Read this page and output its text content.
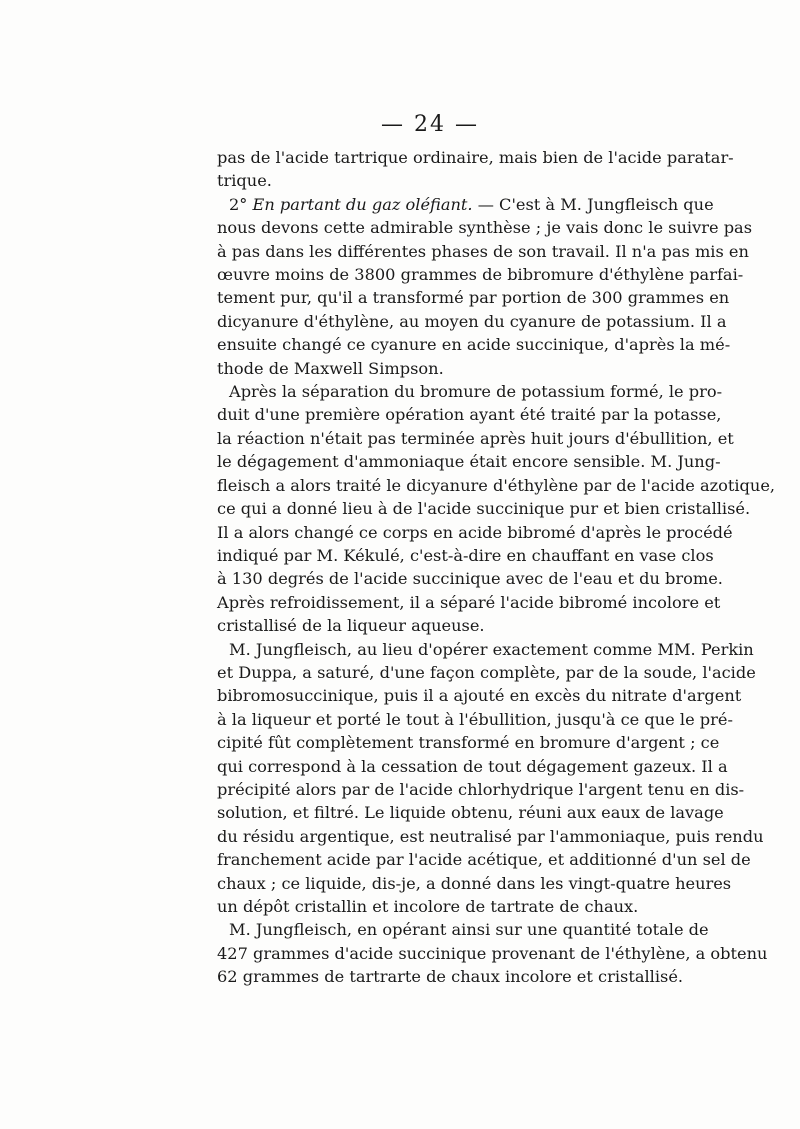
— 24 —
pas de l'acide tartrique ordinaire, mais bien de l'acide paratar-
trique.
2° En partant du gaz oléfiant. — C'est à M. Jungfleisch que
nous devons cette admirable synthèse ; je vais donc le suivre pas
à pas dans les différentes phases de son travail. Il n'a pas mis en
œuvre moins de 3800 grammes de bibromure d'éthylène parfai-
tement pur, qu'il a transformé par portion de 300 grammes en
dicyanure d'éthylène, au moyen du cyanure de potassium. Il a
ensuite changé ce cyanure en acide succinique, d'après la mé-
thode de Maxwell Simpson.
Après la séparation du bromure de potassium formé, le pro-
duit d'une première opération ayant été traité par la potasse,
la réaction n'était pas terminée après huit jours d'ébullition, et
le dégagement d'ammoniaque était encore sensible. M. Jung-
fleisch a alors traité le dicyanure d'éthylène par de l'acide azotique,
ce qui a donné lieu à de l'acide succinique pur et bien cristallisé.
Il a alors changé ce corps en acide bibromé d'après le procédé
indiqué par M. Kékulé, c'est-à-dire en chauffant en vase clos
à 130 degrés de l'acide succinique avec de l'eau et du brome.
Après refroidissement, il a séparé l'acide bibromé incolore et
cristallisé de la liqueur aqueuse.
M. Jungfleisch, au lieu d'opérer exactement comme MM. Perkin
et Duppa, a saturé, d'une façon complète, par de la soude, l'acide
bibromosuccinique, puis il a ajouté en excès du nitrate d'argent
à la liqueur et porté le tout à l'ébullition, jusqu'à ce que le pré-
cipité fût complètement transformé en bromure d'argent ; ce
qui correspond à la cessation de tout dégagement gazeux. Il a
précipité alors par de l'acide chlorhydrique l'argent tenu en dis-
solution, et filtré. Le liquide obtenu, réuni aux eaux de lavage
du résidu argentique, est neutralisé par l'ammoniaque, puis rendu
franchement acide par l'acide acétique, et additionné d'un sel de
chaux ; ce liquide, dis-je, a donné dans les vingt-quatre heures
un dépôt cristallin et incolore de tartrate de chaux.
M. Jungfleisch, en opérant ainsi sur une quantité totale de
427 grammes d'acide succinique provenant de l'éthylène, a obtenu
62 grammes de tartrarte de chaux incolore et cristallisé.
